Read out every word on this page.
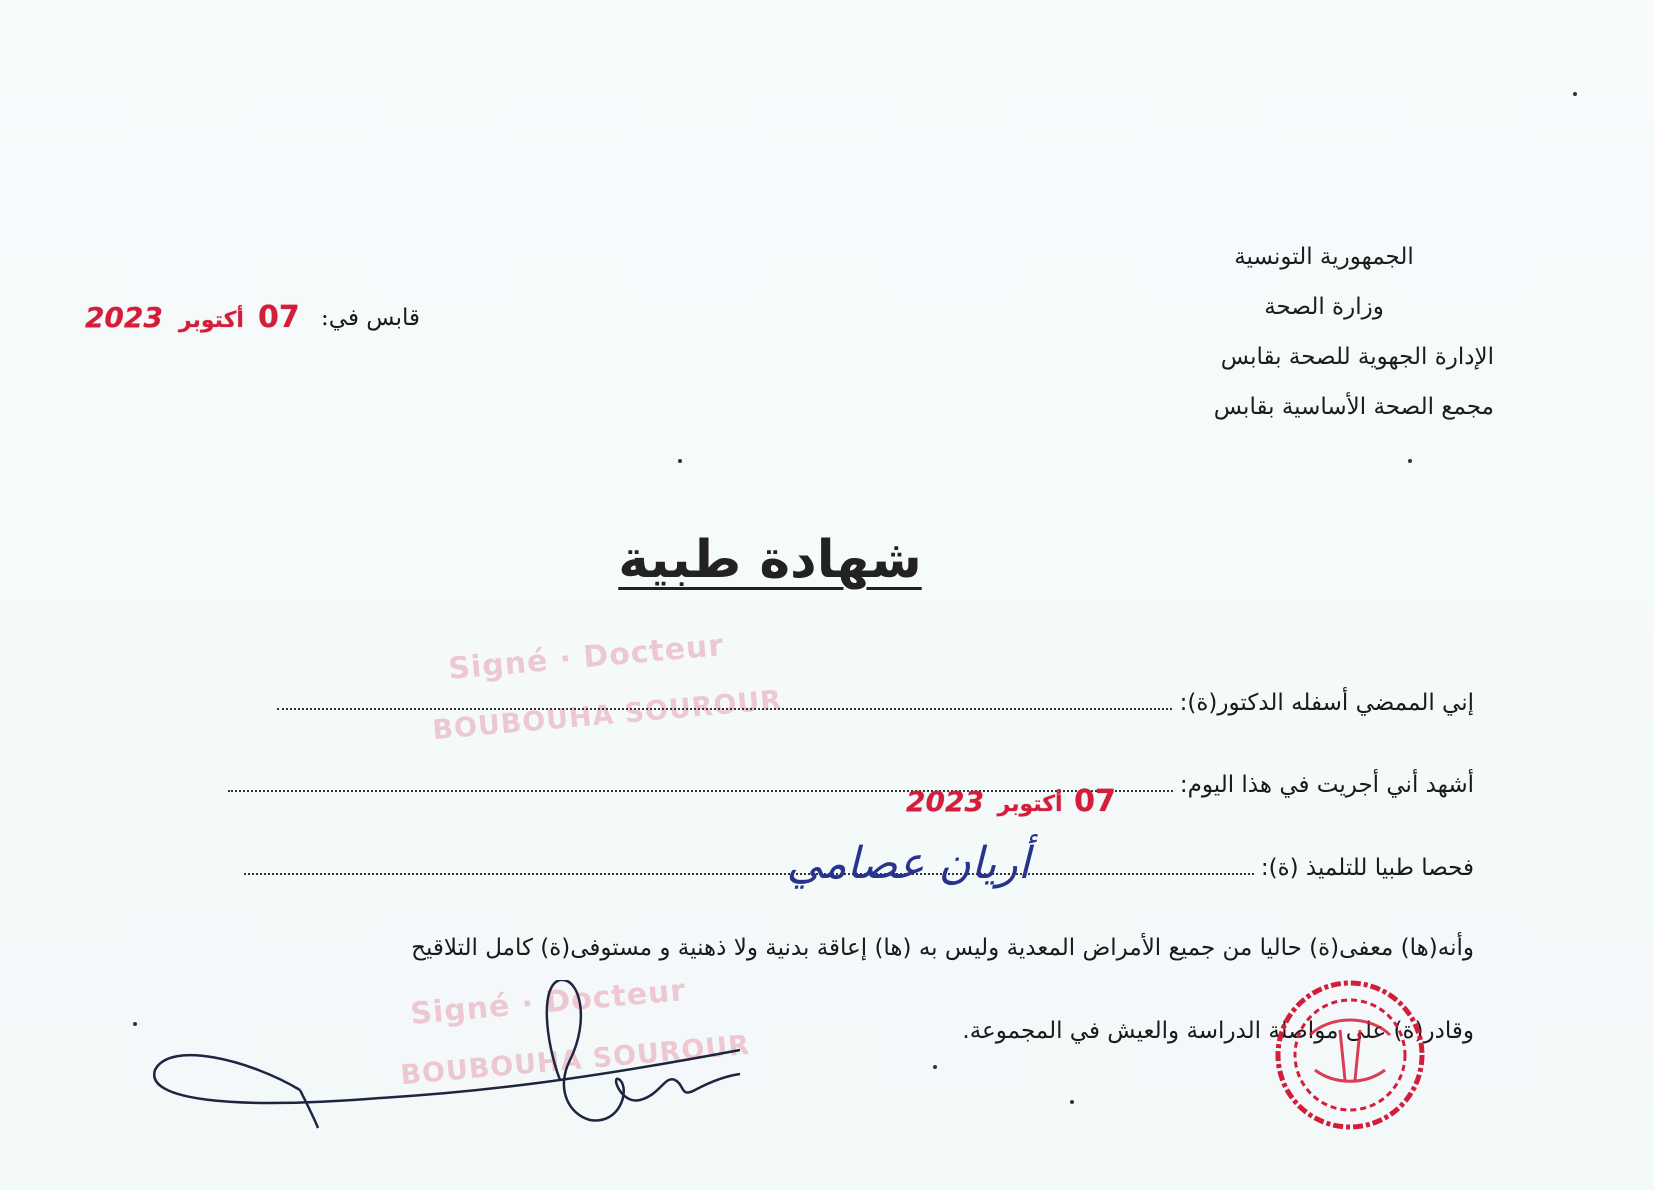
الجمهورية التونسية
وزارة الصحة
الإدارة الجهوية للصحة بقابس
مجمع الصحة الأساسية بقابس
قابس في: 07 أكتوبر 2023
شهادة طبية
Signé · Docteur
BOUBOUHA SOUROUR	إني الممضي أسفله الدكتور(ة):
أشهد أني أجريت في هذا اليوم:
07 أكتوبر 2023
فحصا طبيا للتلميذ (ة):
أريان عصامي
وأنه(ها) معفى(ة) حاليا من جميع الأمراض المعدية وليس به (ها) إعاقة بدنية ولا ذهنية و مستوفى(ة) كامل التلاقيح
وقادر(ة) على مواصلة الدراسة والعيش في المجموعة.
Signé · Docteur
BOUBOUHA SOUROUR
